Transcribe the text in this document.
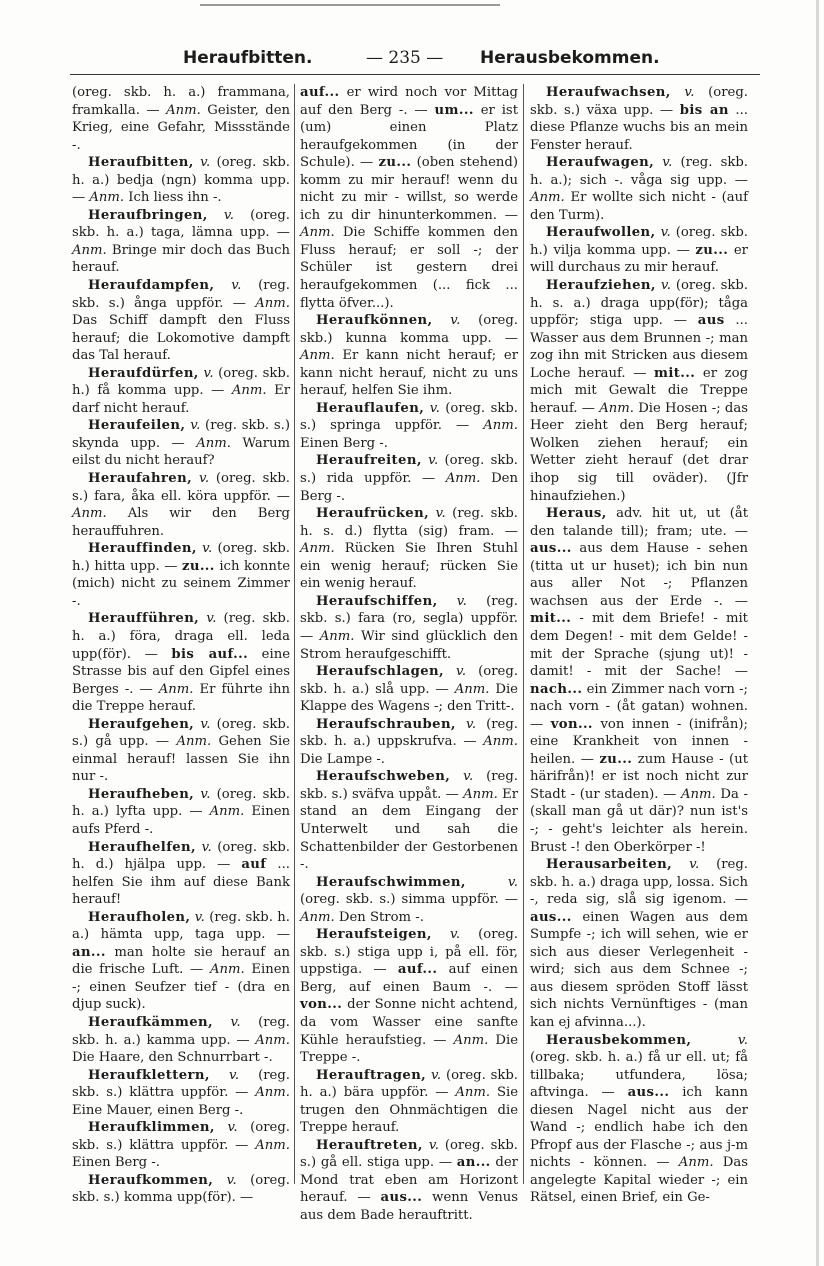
Heraufbitten.	— 235 — Herausbekommen.

(oreg. skb. h. a.) frammana, framkalla. — Anm. Geister, den Krieg, eine Gefahr, Missstände -.

Heraufbitten, v. (oreg. skb. h. a.) bedja (ngn) komma upp. — Anm. Ich liess ihn -.

Heraufbringen, v. (oreg. skb. h. a.) taga, lämna upp. — Anm. Bringe mir doch das Buch herauf.

Heraufdampfen, v. (reg. skb. s.) ånga uppför. — Anm. Das Schiff dampft den Fluss herauf; die Lokomotive dampft das Tal herauf.

Heraufdürfen, v. (oreg. skb. h.) få komma upp. — Anm. Er darf nicht herauf.

Heraufeilen, v. (reg. skb. s.) skynda upp. — Anm. Warum eilst du nicht herauf?

Heraufahren, v. (oreg. skb. s.) fara, åka ell. köra uppför. — Anm. Als wir den Berg herauffuhren.

Herauffinden, v. (oreg. skb. h.) hitta upp. — zu... ich konnte (mich) nicht zu seinem Zimmer -.

Heraufführen, v. (reg. skb. h. a.) föra, draga ell. leda upp(för). — bis auf... eine Strasse bis auf den Gipfel eines Berges -. — Anm. Er führte ihn die Treppe herauf.

Heraufgehen, v. (oreg. skb. s.) gå upp. — Anm. Gehen Sie einmal herauf! lassen Sie ihn nur -.

Heraufheben, v. (oreg. skb. h. a.) lyfta upp. — Anm. Einen aufs Pferd -.

Heraufhelfen, v. (oreg. skb. h. d.) hjälpa upp. — auf ... helfen Sie ihm auf diese Bank herauf!

Heraufholen, v. (reg. skb. h. a.) hämta upp, taga upp. — an... man holte sie herauf an die frische Luft. — Anm. Einen -; einen Seufzer tief - (dra en djup suck).

Heraufkämmen, v. (reg. skb. h. a.) kamma upp. — Anm. Die Haare, den Schnurrbart -.

Heraufklettern, v. (reg. skb. s.) klättra uppför. — Anm. Eine Mauer, einen Berg -.

Heraufklimmen, v. (oreg. skb. s.) klättra uppför. — Anm. Einen Berg -.

Heraufkommen, v. (oreg. skb. s.) komma upp(för). —

auf... er wird noch vor Mittag auf den Berg -. — um... er ist (um) einen Platz heraufgekommen (in der Schule). — zu... (oben stehend) komm zu mir herauf! wenn du nicht zu mir - willst, so werde ich zu dir hinunterkommen. — Anm. Die Schiffe kommen den Fluss herauf; er soll -; der Schüler ist gestern drei heraufgekommen (... fick ... flytta öfver...).

Heraufkönnen, v. (oreg. skb.) kunna komma upp. — Anm. Er kann nicht herauf; er kann nicht herauf, nicht zu uns herauf, helfen Sie ihm.

Herauflaufen, v. (oreg. skb. s.) springa uppför. — Anm. Einen Berg -.

Heraufreiten, v. (oreg. skb. s.) rida uppför. — Anm. Den Berg -.

Heraufrücken, v. (reg. skb. h. s. d.) flytta (sig) fram. — Anm. Rücken Sie Ihren Stuhl ein wenig herauf; rücken Sie ein wenig herauf.

Heraufschiffen, v. (reg. skb. s.) fara (ro, segla) uppför. — Anm. Wir sind glücklich den Strom heraufgeschifft.

Heraufschlagen, v. (oreg. skb. h. a.) slå upp. — Anm. Die Klappe des Wagens -; den Tritt-.

Heraufschrauben, v. (reg. skb. h. a.) uppskrufva. — Anm. Die Lampe -.

Heraufschweben, v. (reg. skb. s.) sväfva uppåt. — Anm. Er stand an dem Eingang der Unterwelt und sah die Schattenbilder der Gestorbenen -.

Heraufschwimmen,	v. (oreg. skb. s.) simma uppför. — Anm. Den Strom -.

Heraufsteigen, v. (oreg. skb. s.) stiga upp i, på ell. för, uppstiga. — auf... auf einen Berg, auf einen Baum -. — von... der Sonne nicht achtend, da vom Wasser eine sanfte Kühle heraufstieg. — Anm. Die Treppe -.

Herauftragen, v. (oreg. skb. h. a.) bära uppför. — Anm. Sie trugen den Ohnmächtigen die Treppe herauf.

Herauftreten, v. (oreg. skb. s.) gå ell. stiga upp. — an... der Mond trat eben am Horizont herauf. — aus... wenn Venus aus dem Bade herauftritt.

Heraufwachsen, v. (oreg. skb. s.) växa upp. — bis an ... diese Pflanze wuchs bis an mein Fenster herauf.

Heraufwagen, v. (reg. skb. h. a.); sich -. våga sig upp. — Anm. Er wollte sich nicht - (auf den Turm).

Heraufwollen, v. (oreg. skb. h.) vilja komma upp. — zu... er will durchaus zu mir herauf.

Heraufziehen, v. (oreg. skb. h. s. a.) draga upp(för); tåga uppför; stiga upp. — aus ... Wasser aus dem Brunnen -; man zog ihn mit Stricken aus diesem Loche herauf. — mit... er zog mich mit Gewalt die Treppe herauf. — Anm. Die Hosen -; das Heer zieht den Berg herauf; Wolken ziehen herauf; ein Wetter zieht herauf (det drar ihop sig till oväder). (Jfr hinaufziehen.)

Heraus, adv. hit ut, ut (åt den talande till); fram; ute. — aus... aus dem Hause - sehen (titta ut ur huset); ich bin nun aus aller Not -; Pflanzen wachsen aus der Erde -. — mit... - mit dem Briefe! - mit dem Degen! - mit dem Gelde! - mit der Sprache (sjung ut)! - damit! - mit der Sache! — nach... ein Zimmer nach vorn -; nach vorn - (åt gatan) wohnen. — von... von innen - (inifrån); eine Krankheit von innen - heilen. — zu... zum Hause - (ut härifrån)! er ist noch nicht zur Stadt - (ur staden). — Anm. Da - (skall man gå ut där)? nun ist's -; - geht's leichter als herein. Brust -! den Oberkörper -!

Herausarbeiten, v. (reg. skb. h. a.) draga upp, lossa. Sich -, reda sig, slå sig igenom. — aus... einen Wagen aus dem Sumpfe -; ich will sehen, wie er sich aus dieser Verlegenheit - wird; sich aus dem Schnee -; aus diesem spröden Stoff lässt sich nichts Vernünftiges - (man kan ej afvinna...).

Herausbekommen,	v. (oreg. skb. h. a.) få ur ell. ut; få tillbaka; utfundera, lösa; aftvinga. — aus... ich kann diesen Nagel nicht aus der Wand -; endlich habe ich den Pfropf aus der Flasche -; aus j-m nichts - können. — Anm. Das angelegte Kapital wieder -; ein Rätsel, einen Brief, ein Ge-
